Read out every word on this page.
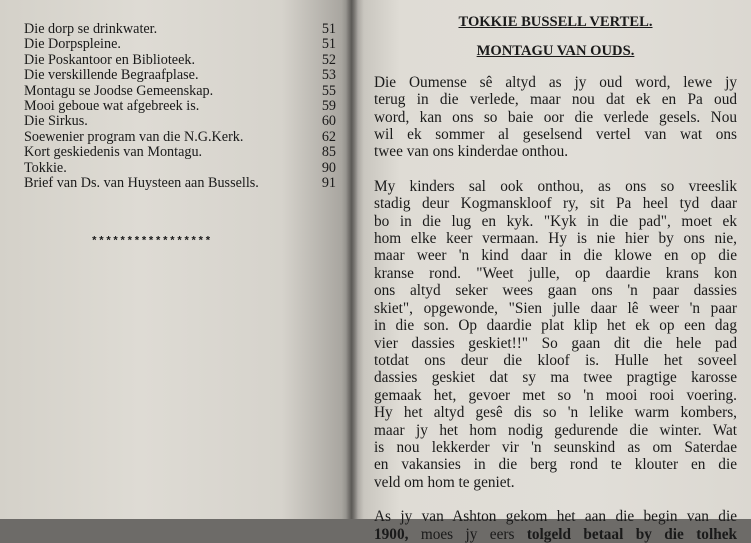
Die dorp se drinkwater.	51
Die Dorpspleine.	51
Die Poskantoor en Biblioteek.	52
Die verskillende Begraafplase.	53
Montagu se Joodse Gemeenskap.	55
Mooi geboue wat afgebreek is.	59
Die Sirkus.	60
Soewenier program van die N.G.Kerk.	62
Kort geskiedenis van Montagu.	85
Tokkie.	90
Brief van Ds. van Huysteen aan Bussells.	91
*****************

TOKKIE BUSSELL VERTEL.

MONTAGU VAN OUDS.

Die Oumense sê altyd as jy oud word, lewe jy
terug in die verlede, maar nou dat ek en Pa oud
word, kan ons so baie oor die verlede gesels. Nou
wil ek sommer al geselsend vertel van wat ons
twee van ons kinderdae onthou.

My kinders sal ook onthou, as ons so vreeslik
stadig deur Kogmanskloof ry, sit Pa heel tyd daar
bo in die lug en kyk. "Kyk in die pad", moet ek
hom elke keer vermaan. Hy is nie hier by ons nie,
maar weer 'n kind daar in die klowe en op die
kranse rond. "Weet julle, op daardie krans kon
ons altyd seker wees gaan ons 'n paar dassies
skiet", opgewonde, "Sien julle daar lê weer 'n paar
in die son. Op daardie plat klip het ek op een dag
vier dassies geskiet!!" So gaan dit die hele pad
totdat ons deur die kloof is. Hulle het soveel
dassies geskiet dat sy ma twee pragtige karosse
gemaak het, gevoer met so 'n mooi rooi voering.
Hy het altyd gesê dis so 'n lelike warm kombers,
maar jy het hom nodig gedurende die winter. Wat
is nou lekkerder vir 'n seunskind as om Saterdae
en vakansies in die berg rond te klouter en die
veld om hom te geniet.

As jy van Ashton gekom het aan die begin van die
1900, moes jy eers tolgeld betaal by die tolhek
